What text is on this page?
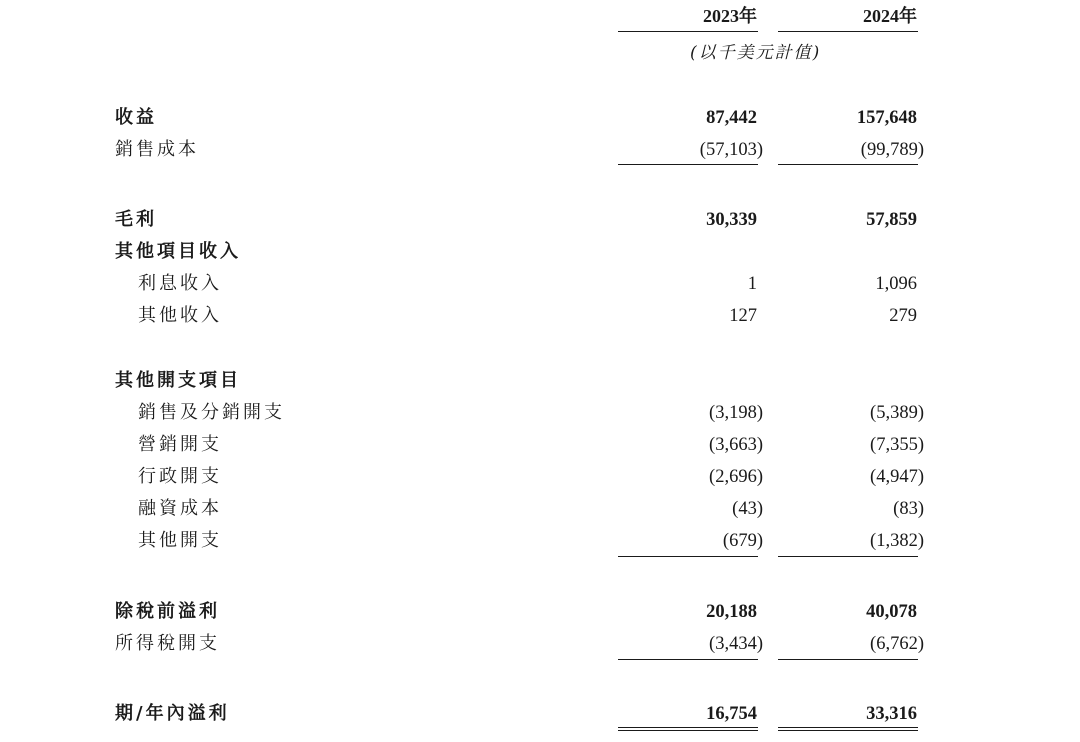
2023年	2024年
(以千美元計值)
收益	87,442	157,648
銷售成本	(57,103)	(99,789)
毛利	30,339	57,859
其他項目收入
利息收入	1	1,096
其他收入	127	279
其他開支項目
銷售及分銷開支	(3,198)	(5,389)
營銷開支	(3,663)	(7,355)
行政開支	(2,696)	(4,947)
融資成本	(43)	(83)
其他開支	(679)	(1,382)
除稅前溢利	20,188	40,078
所得稅開支	(3,434)	(6,762)
期/年內溢利	16,754	33,316
